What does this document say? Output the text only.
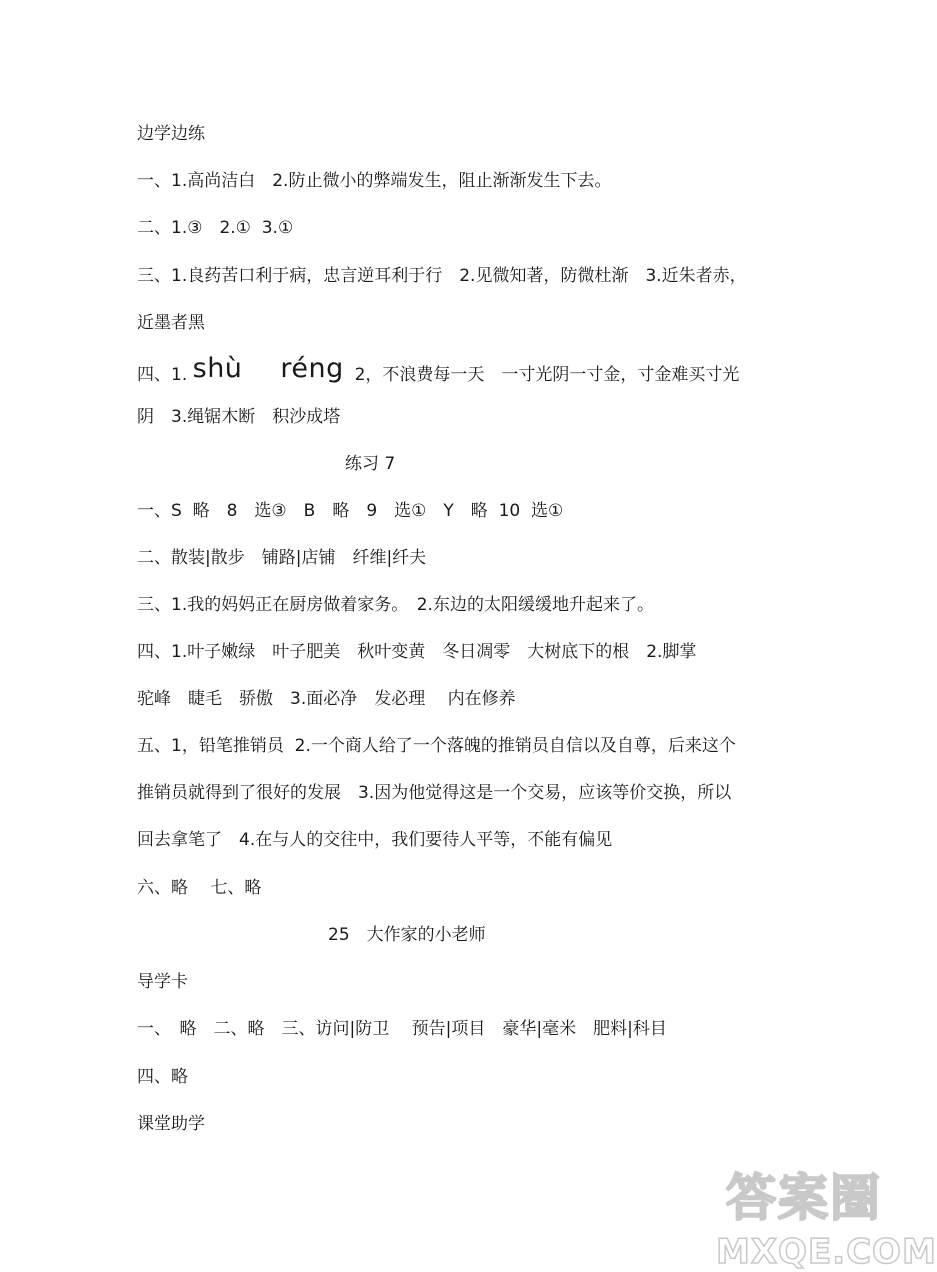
边学边练
一、1.高尚洁白　2.防止微小的弊端发生，阻止渐渐发生下去。
二、1.③　2.①  3.①
三、1.良药苦口利于病，忠言逆耳利于行　2.见微知著，防微杜渐　3.近朱者赤，
近墨者黑
四、1. shù réng  2，不浪费每一天　一寸光阴一寸金，寸金难买寸光
阴　3.绳锯木断　积沙成塔
练习 7
一、S  略　8　选③　B　略　9　选①　Y　略  10  选①
二、散装|散步　铺路|店铺　纤维|纤夫
三、1.我的妈妈正在厨房做着家务。　2.东边的太阳缓缓地升起来了。
四、1.叶子嫩绿　叶子肥美　秋叶变黄　冬日凋零　大树底下的根　2.脚掌
驼峰　睫毛　骄傲　3.面必净　发必理　 内在修养
五、1，铅笔推销员  2.一个商人给了一个落魄的推销员自信以及自尊，后来这个
推销员就得到了很好的发展　3.因为他觉得这是一个交易，应该等价交换，所以
回去拿笔了　4.在与人的交往中，我们要待人平等，不能有偏见
六、略　 七、略
25　大作家的小老师
导学卡
一、　略　二、略　三、访问|防卫　 预告|项目　豪华|毫米　肥料|科目
四、略
课堂助学
答案圈
MXQE.COM
